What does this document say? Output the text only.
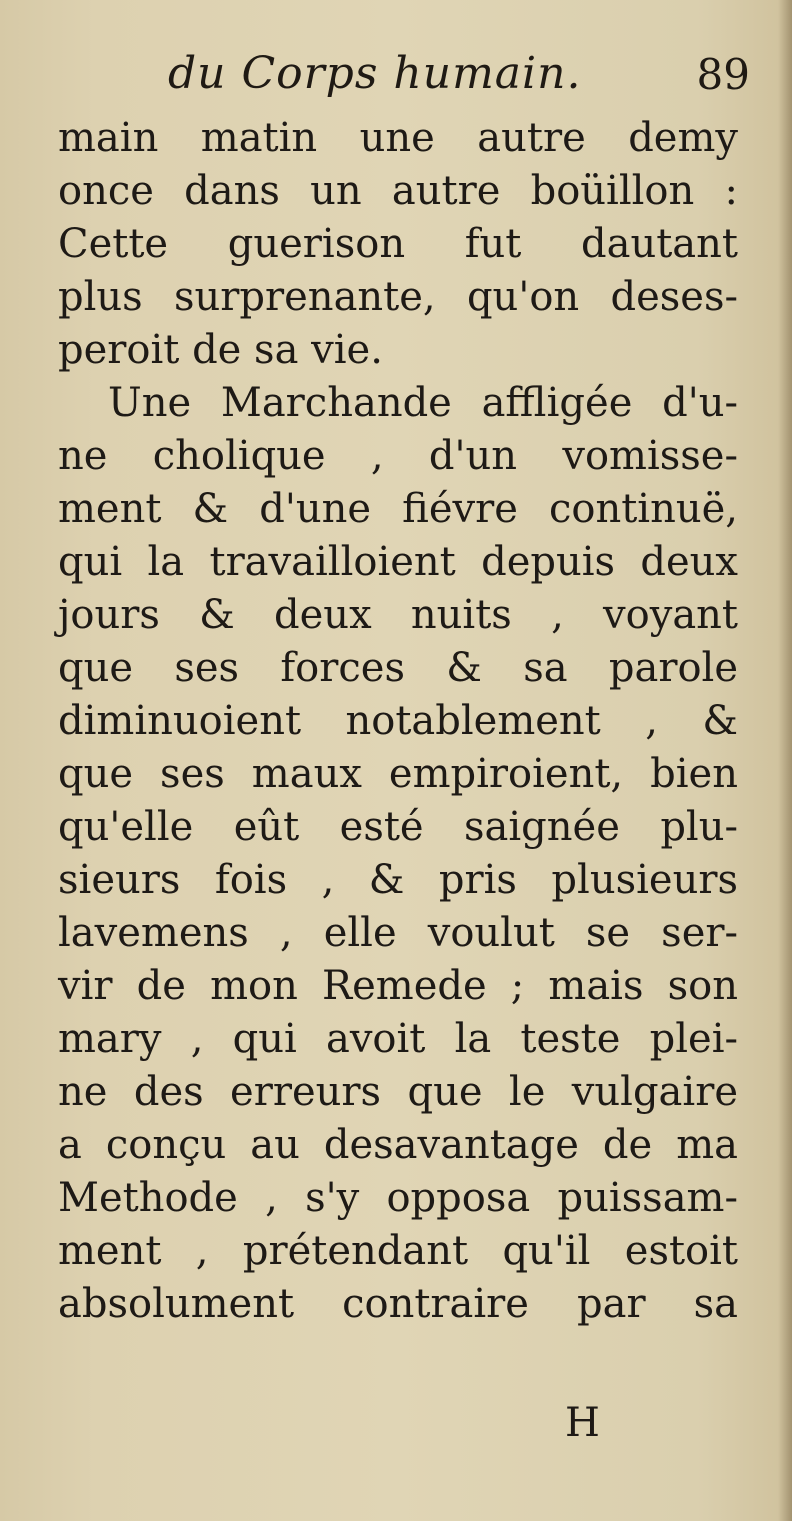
du Corps humain.	89
main matin une autre demy
once dans un autre boüillon :
Cette guerison fut dautant
plus surprenante, qu'on deses-
peroit de sa vie.
Une Marchande affligée d'u-
ne cholique , d'un vomisse-
ment & d'une fiévre continuë,
qui la travailloient depuis deux
jours & deux nuits , voyant
que ses forces & sa parole
diminuoient notablement , &
que ses maux empiroient, bien
qu'elle eût esté saignée plu-
sieurs fois , & pris plusieurs
lavemens , elle voulut se ser-
vir de mon Remede ; mais son
mary , qui avoit la teste plei-
ne des erreurs que le vulgaire
a conçu au desavantage de ma
Methode , s'y opposa puissam-
ment , prétendant qu'il estoit
absolument contraire par sa
H
